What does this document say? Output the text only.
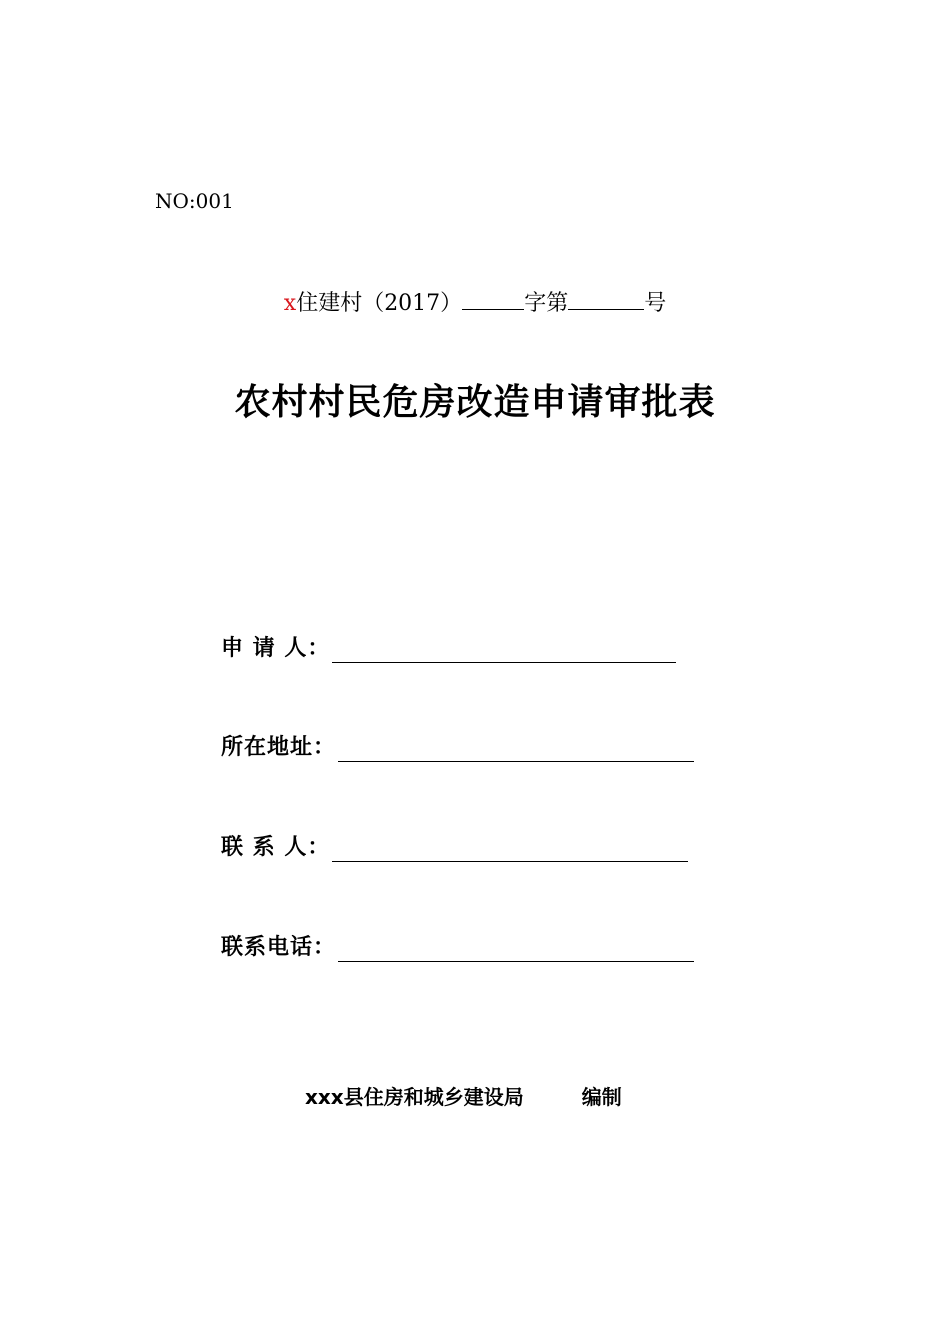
NO:001
x住建村（2017）	字第	号
农村村民危房改造申请审批表
申 请 人：
所在地址：
联 系 人：
联系电话：
xxx县住房和城乡建设局	编制
